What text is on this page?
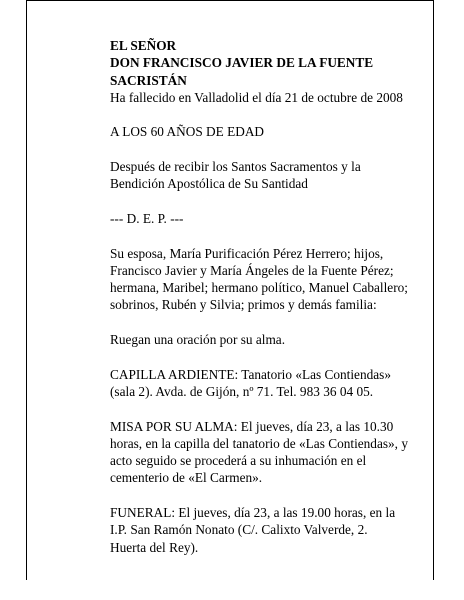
EL SEÑOR

DON FRANCISCO JAVIER DE LA FUENTE

SACRISTÁN

Ha fallecido en Valladolid el día 21 de octubre de 2008

A LOS 60 AÑOS DE EDAD

Después de recibir los Santos Sacramentos y la

Bendición Apostólica de Su Santidad

--- D. E. P. ---

Su esposa, María Purificación Pérez Herrero; hijos,

Francisco Javier y María Ángeles de la Fuente Pérez;

hermana, Maribel; hermano político, Manuel Caballero;

sobrinos, Rubén y Silvia; primos y demás familia:

Ruegan una oración por su alma.

CAPILLA ARDIENTE: Tanatorio «Las Contiendas»

(sala 2). Avda. de Gijón, nº 71. Tel. 983 36 04 05.

MISA POR SU ALMA: El jueves, día 23, a las 10.30

horas, en la capilla del tanatorio de «Las Contiendas», y

acto seguido se procederá a su inhumación en el

cementerio de «El Carmen».

FUNERAL: El jueves, día 23, a las 19.00 horas, en la

I.P. San Ramón Nonato (C/. Calixto Valverde, 2.

Huerta del Rey).
